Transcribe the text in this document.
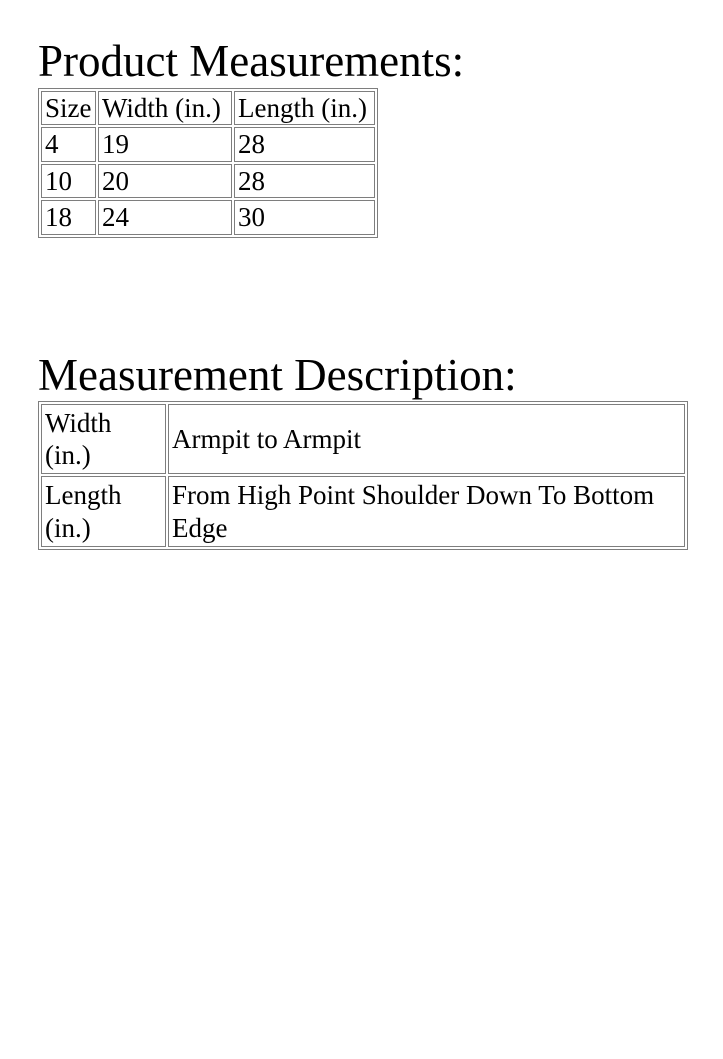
Product Measurements:
Size	Width (in.)	Length (in.)
4	19	28
10	20	28
18	24	30
Measurement Description:
Width (in.)	Armpit to Armpit
Length (in.)	From High Point Shoulder Down To Bottom Edge
